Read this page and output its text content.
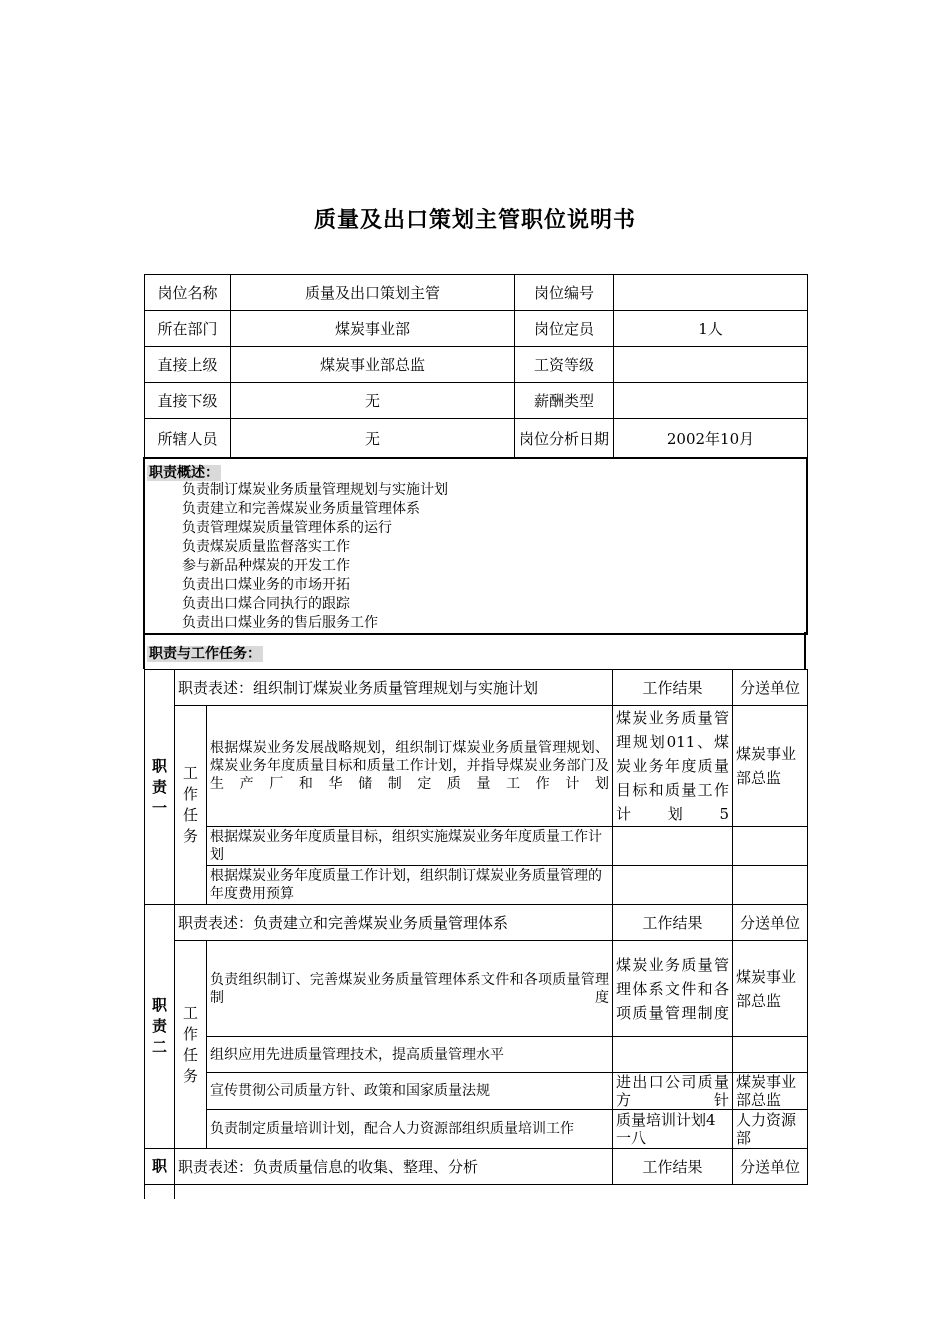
质量及出口策划主管职位说明书
岗位名称	质量及出口策划主管	岗位编号	
所在部门	煤炭事业部	岗位定员	1人
直接上级	煤炭事业部总监	工资等级	
直接下级	无	薪酬类型	
所辖人员	无	岗位分析日期	2002年10月
职责概述：
负责制订煤炭业务质量管理规划与实施计划
负责建立和完善煤炭业务质量管理体系
负责管理煤炭质量管理体系的运行
负责煤炭质量监督落实工作
参与新品种煤炭的开发工作
负责出口煤业务的市场开拓
负责出口煤合同执行的跟踪
负责出口煤业务的售后服务工作
职责与工作任务：
职责一	职责表述：组织制订煤炭业务质量管理规划与实施计划		工作结果	分送单位

	工作任务	根据煤炭业务发展战略规划，组织制订煤炭业务质量管理规划、煤炭业务年度质量目标和质量工作计划，并指导煤炭业务部门及生产厂和华储制定质量工作计划	煤炭业务质量管理规划011、煤炭业务年度质量目标和质量工作计划5	煤炭事业部总监
		根据煤炭业务年度质量目标，组织实施煤炭业务年度质量工作计划		
		根据煤炭业务年度质量工作计划，组织制订煤炭业务质量管理的年度费用预算		

职责二	职责表述：负责建立和完善煤炭业务质量管理体系		工作结果	分送单位

	工作任务	负责组织制订、完善煤炭业务质量管理体系文件和各项质量管理制度	煤炭业务质量管理体系文件和各项质量管理制度	煤炭事业部总监
		组织应用先进质量管理技术，提高质量管理水平		
		宣传贯彻公司质量方针、政策和国家质量法规	进出口公司质量方针	煤炭事业部总监
		负责制定质量培训计划，配合人力资源部组织质量培训工作	质量培训计划4一八	人力资源部
职	职责表述：负责质量信息的收集、整理、分析		工作结果	分送单位
